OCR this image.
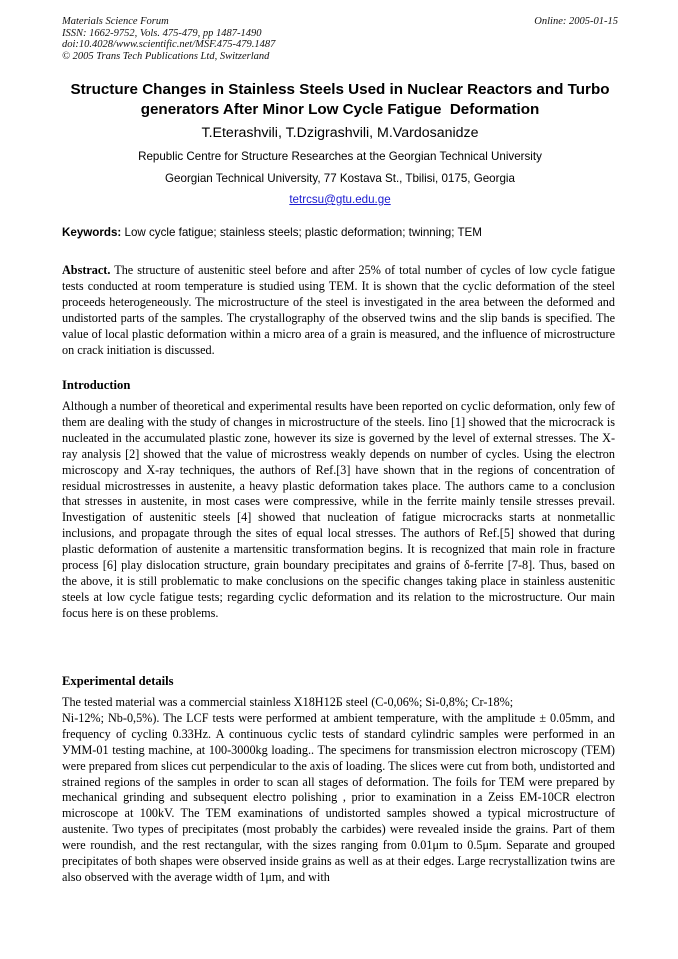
Materials Science Forum
ISSN: 1662-9752, Vols. 475-479, pp 1487-1490
doi:10.4028/www.scientific.net/MSF.475-479.1487
© 2005 Trans Tech Publications Ltd, Switzerland
Online: 2005-01-15
Structure Changes in Stainless Steels Used in Nuclear Reactors and Turbo     generators After Minor Low Cycle Fatigue  Deformation
T.Eterashvili, T.Dzigrashvili, M.Vardosanidze
Republic Centre for Structure Researches at the Georgian Technical University
Georgian Technical University, 77 Kostava St., Tbilisi, 0175, Georgia
tetrcsu@gtu.edu.ge
Keywords: Low cycle fatigue; stainless steels; plastic deformation; twinning; TEM
Abstract. The structure of austenitic steel before and after 25% of total number of cycles of low cycle fatigue tests conducted at room temperature is studied using TEM. It is shown that the cyclic deformation of the steel proceeds heterogeneously. The microstructure of the steel is investigated in the area between the deformed and undistorted parts of the samples. The crystallography of the observed twins and the slip bands is specified. The value of local plastic deformation within a micro area of a grain is measured, and the influence of microstructure on crack initiation is discussed.
Introduction
Although a number of theoretical and experimental results have been reported on cyclic deformation, only few of them are dealing with the study of changes in microstructure of the steels. Iino [1] showed that the microcrack is nucleated in the accumulated plastic zone, however its size is governed by the level of external stresses. The X-ray analysis [2] showed that the value of microstress weakly depends on number of cycles. Using the electron microscopy and X-ray techniques, the authors of Ref.[3] have shown that in the regions of concentration of residual microstresses in austenite, a heavy plastic deformation takes place. The authors came to a conclusion that stresses in austenite, in most cases were compressive, while in the ferrite mainly tensile stresses prevail. Investigation of austenitic steels [4] showed that nucleation of fatigue microcracks starts at nonmetallic inclusions, and propagate through the sites of equal local stresses. The authors of Ref.[5] showed that during plastic deformation of austenite a martensitic transformation begins. It is recognized that main role in fracture process [6] play dislocation structure, grain boundary precipitates and grains of δ-ferrite [7-8]. Thus, based on the above, it is still problematic to make conclusions on the specific changes taking place in stainless austenitic steels at low cycle fatigue tests; regarding cyclic deformation and its relation to the microstructure. Our main focus here is on these problems.
Experimental details
The tested material was a commercial stainless X18H12Б steel (C-0,06%; Si-0,8%; Cr-18%;
Ni-12%; Nb-0,5%). The LCF tests were performed at ambient temperature, with the amplitude ± 0.05mm, and frequency of cycling 0.33Hz. A continuous cyclic tests of standard cylindric samples were performed in an УММ-01 testing machine, at 100-3000kg loading.. The specimens for transmission electron microscopy (TEM) were prepared from slices cut perpendicular to the axis of loading. The slices were cut from both, undistorted and strained regions of the samples in order to scan all stages of deformation. The foils for TEM were prepared by mechanical grinding and subsequent electro polishing , prior to examination in a Zeiss EM-10CR electron microscope at 100kV. The TEM examinations of undistorted samples showed a typical microstructure of austenite. Two types of precipitates (most probably the carbides) were revealed inside the grains. Part of them were roundish, and the rest rectangular, with the sizes ranging from 0.01μm to 0.5μm. Separate and grouped precipitates of both shapes were observed inside grains as well as at their edges. Large recrystallization twins are also observed with the average width of 1μm, and with
